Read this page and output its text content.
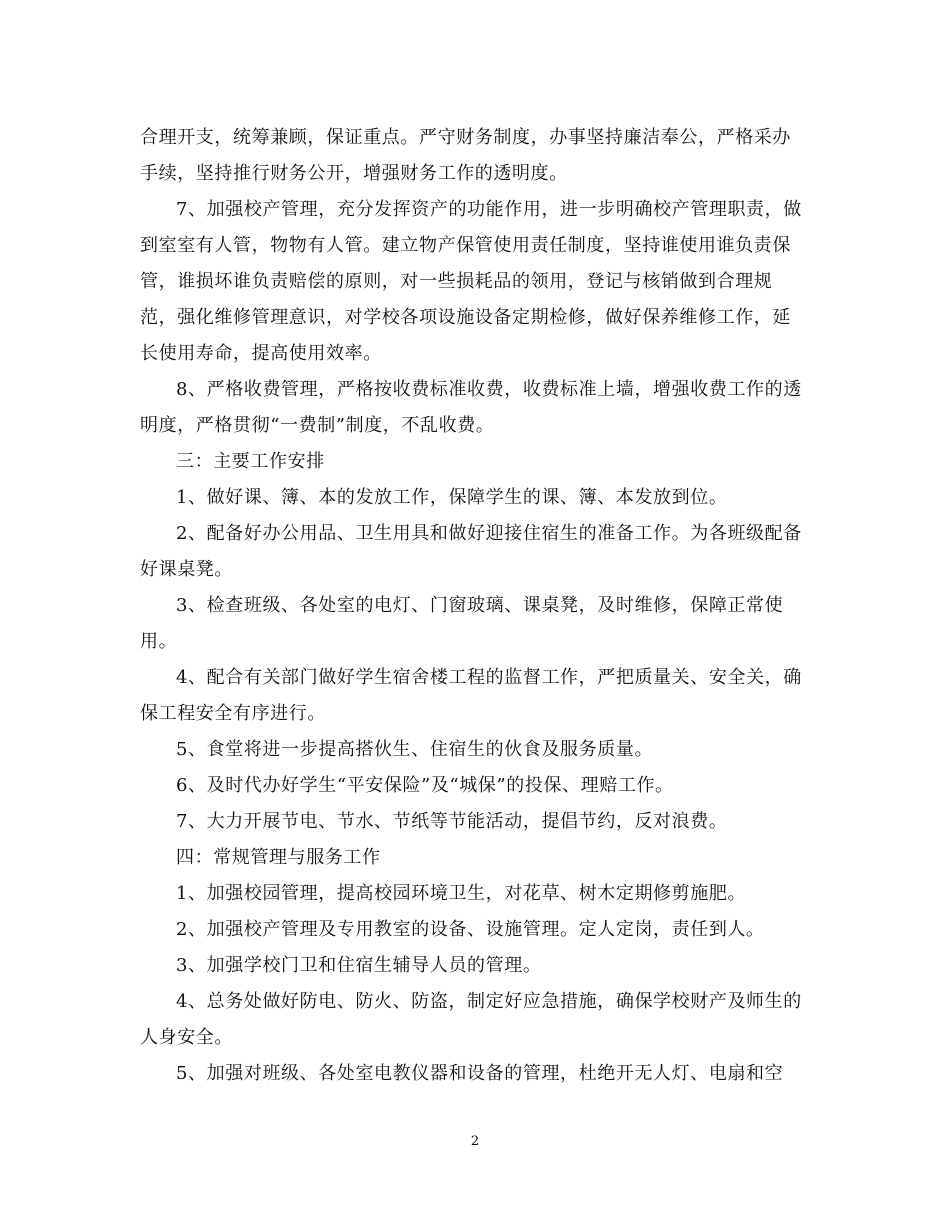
合理开支，统筹兼顾，保证重点。严守财务制度，办事坚持廉洁奉公，严格采办
手续，坚持推行财务公开，增强财务工作的透明度。
7、加强校产管理，充分发挥资产的功能作用，进一步明确校产管理职责，做
到室室有人管，物物有人管。建立物产保管使用责任制度，坚持谁使用谁负责保
管，谁损坏谁负责赔偿的原则，对一些损耗品的领用，登记与核销做到合理规
范，强化维修管理意识，对学校各项设施设备定期检修，做好保养维修工作，延
长使用寿命，提高使用效率。
8、严格收费管理，严格按收费标准收费，收费标准上墙，增强收费工作的透
明度，严格贯彻“一费制”制度，不乱收费。
三：主要工作安排
1、做好课、簿、本的发放工作，保障学生的课、簿、本发放到位。
2、配备好办公用品、卫生用具和做好迎接住宿生的准备工作。为各班级配备
好课桌凳。
3、检查班级、各处室的电灯、门窗玻璃、课桌凳，及时维修，保障正常使
用。
4、配合有关部门做好学生宿舍楼工程的监督工作，严把质量关、安全关，确
保工程安全有序进行。
5、食堂将进一步提高搭伙生、住宿生的伙食及服务质量。
6、及时代办好学生“平安保险”及“城保”的投保、理赔工作。
7、大力开展节电、节水、节纸等节能活动，提倡节约，反对浪费。
四：常规管理与服务工作
1、加强校园管理，提高校园环境卫生，对花草、树木定期修剪施肥。
2、加强校产管理及专用教室的设备、设施管理。定人定岗，责任到人。
3、加强学校门卫和住宿生辅导人员的管理。
4、总务处做好防电、防火、防盗，制定好应急措施，确保学校财产及师生的
人身安全。
5、加强对班级、各处室电教仪器和设备的管理，杜绝开无人灯、电扇和空
2
